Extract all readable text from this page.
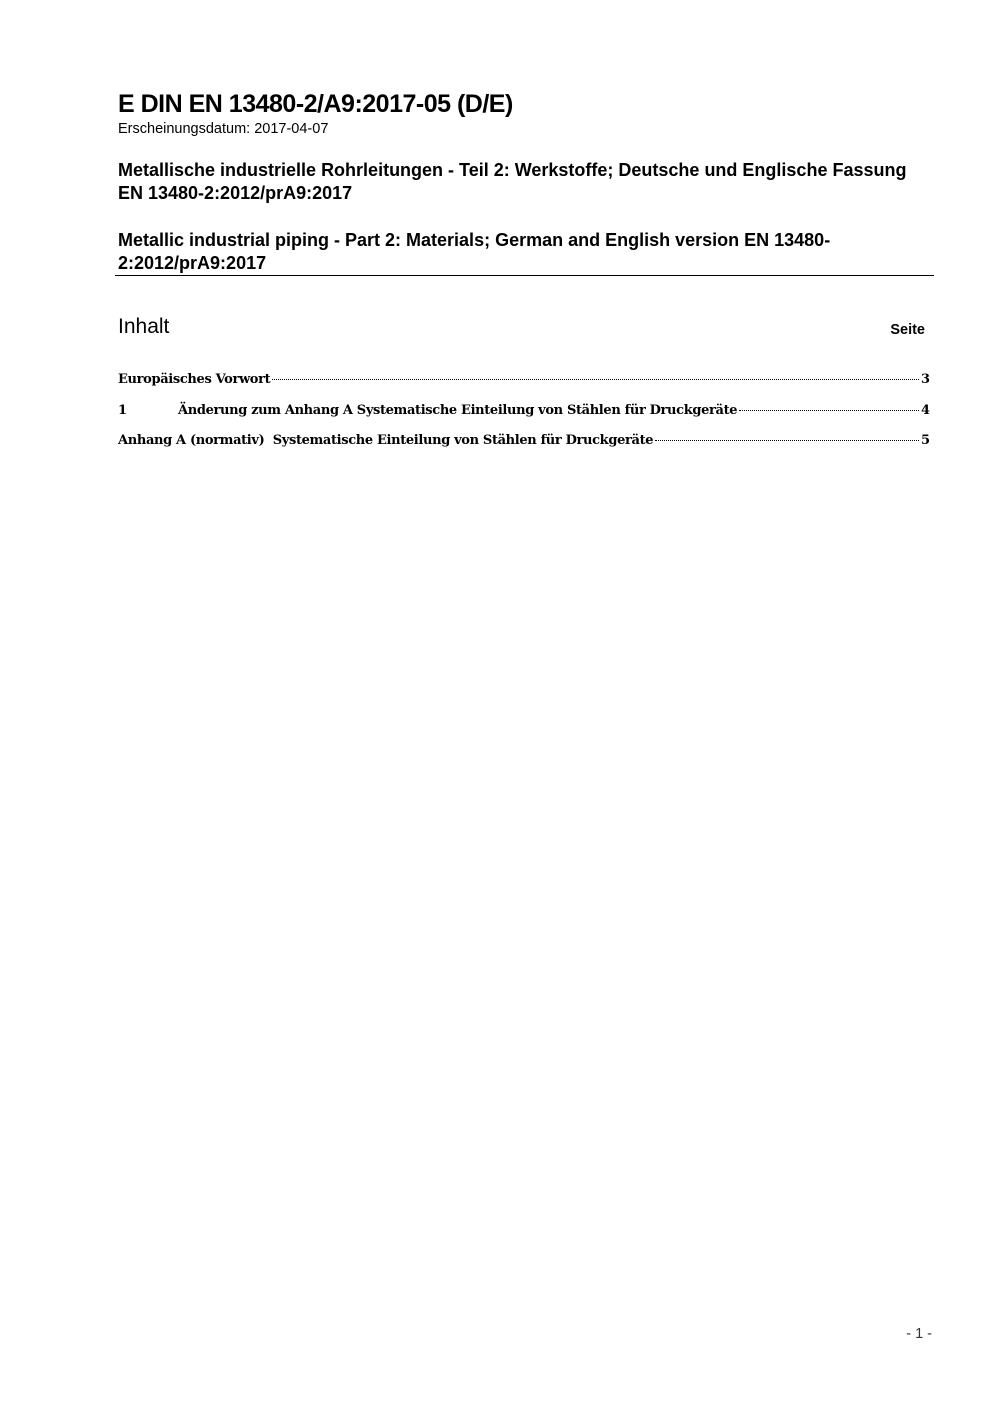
E DIN EN 13480-2/A9:2017-05 (D/E)
Erscheinungsdatum: 2017-04-07
Metallische industrielle Rohrleitungen - Teil 2: Werkstoffe; Deutsche und Englische Fassung EN 13480-2:2012/prA9:2017
Metallic industrial piping - Part 2: Materials; German and English version EN 13480-2:2012/prA9:2017
Inhalt	Seite
Europäisches Vorwort	3
1	Änderung zum Anhang A Systematische Einteilung von Stählen für Druckgeräte	4
Anhang A (normativ)  Systematische Einteilung von Stählen für Druckgeräte	5
- 1 -
